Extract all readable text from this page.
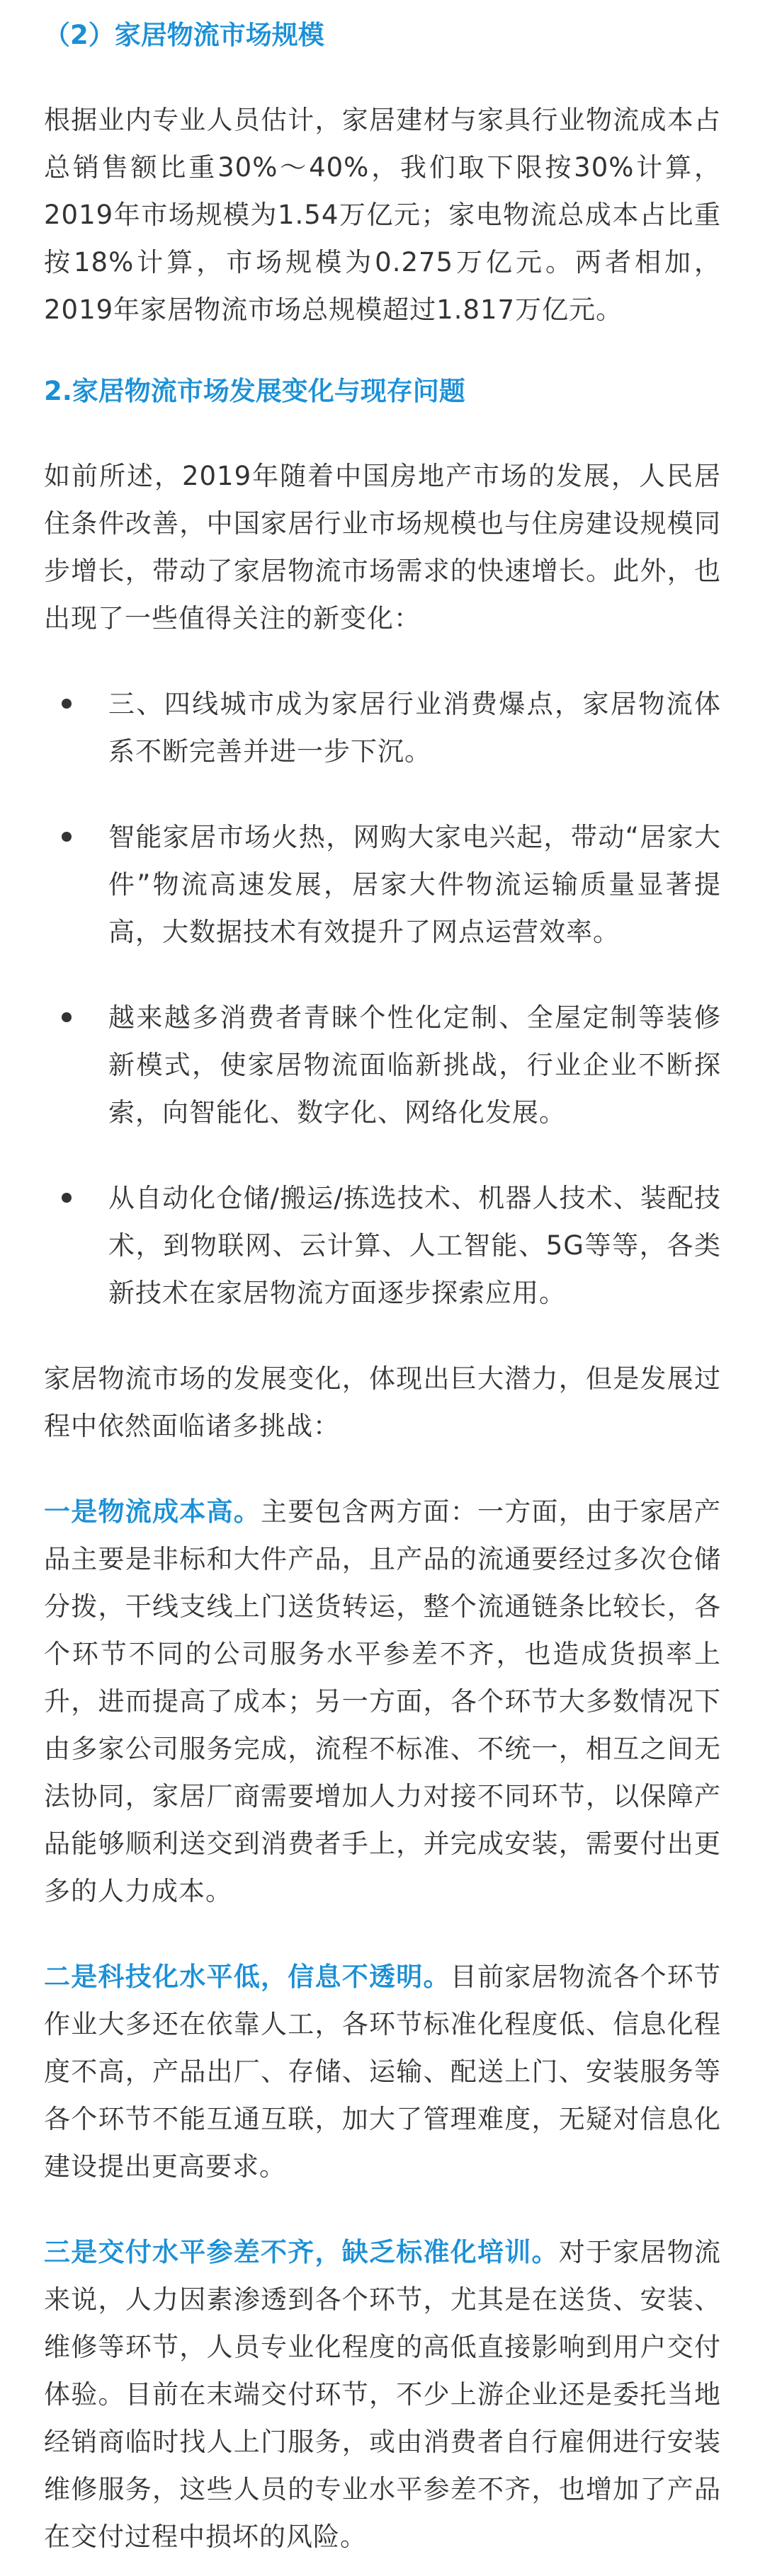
（2）家居物流市场规模

根据业内专业人员估计，家居建材与家具行业物流成本占总销售额比重30%～40%，我们取下限按30%计算，2019年市场规模为1.54万亿元；家电物流总成本占比重按18%计算，市场规模为0.275万亿元。两者相加，2019年家居物流市场总规模超过1.817万亿元。

2.家居物流市场发展变化与现存问题

如前所述，2019年随着中国房地产市场的发展，人民居住条件改善，中国家居行业市场规模也与住房建设规模同步增长，带动了家居物流市场需求的快速增长。此外，也出现了一些值得关注的新变化：

三、四线城市成为家居行业消费爆点，家居物流体系不断完善并进一步下沉。
智能家居市场火热，网购大家电兴起，带动“居家大件”物流高速发展，居家大件物流运输质量显著提高，大数据技术有效提升了网点运营效率。
越来越多消费者青睐个性化定制、全屋定制等装修新模式，使家居物流面临新挑战，行业企业不断探索，向智能化、数字化、网络化发展。
从自动化仓储/搬运/拣选技术、机器人技术、装配技术，到物联网、云计算、人工智能、5G等等，各类新技术在家居物流方面逐步探索应用。

家居物流市场的发展变化，体现出巨大潜力，但是发展过程中依然面临诸多挑战：

一是物流成本高。主要包含两方面：一方面，由于家居产品主要是非标和大件产品，且产品的流通要经过多次仓储分拨，干线支线上门送货转运，整个流通链条比较长，各个环节不同的公司服务水平参差不齐，也造成货损率上升，进而提高了成本；另一方面，各个环节大多数情况下由多家公司服务完成，流程不标准、不统一，相互之间无法协同，家居厂商需要增加人力对接不同环节，以保障产品能够顺利送交到消费者手上，并完成安装，需要付出更多的人力成本。

二是科技化水平低，信息不透明。目前家居物流各个环节作业大多还在依靠人工，各环节标准化程度低、信息化程度不高，产品出厂、存储、运输、配送上门、安装服务等各个环节不能互通互联，加大了管理难度，无疑对信息化建设提出更高要求。

三是交付水平参差不齐，缺乏标准化培训。对于家居物流来说，人力因素渗透到各个环节，尤其是在送货、安装、维修等环节，人员专业化程度的高低直接影响到用户交付体验。目前在末端交付环节，不少上游企业还是委托当地经销商临时找人上门服务，或由消费者自行雇佣进行安装维修服务，这些人员的专业水平参差不齐，也增加了产品在交付过程中损坏的风险。
